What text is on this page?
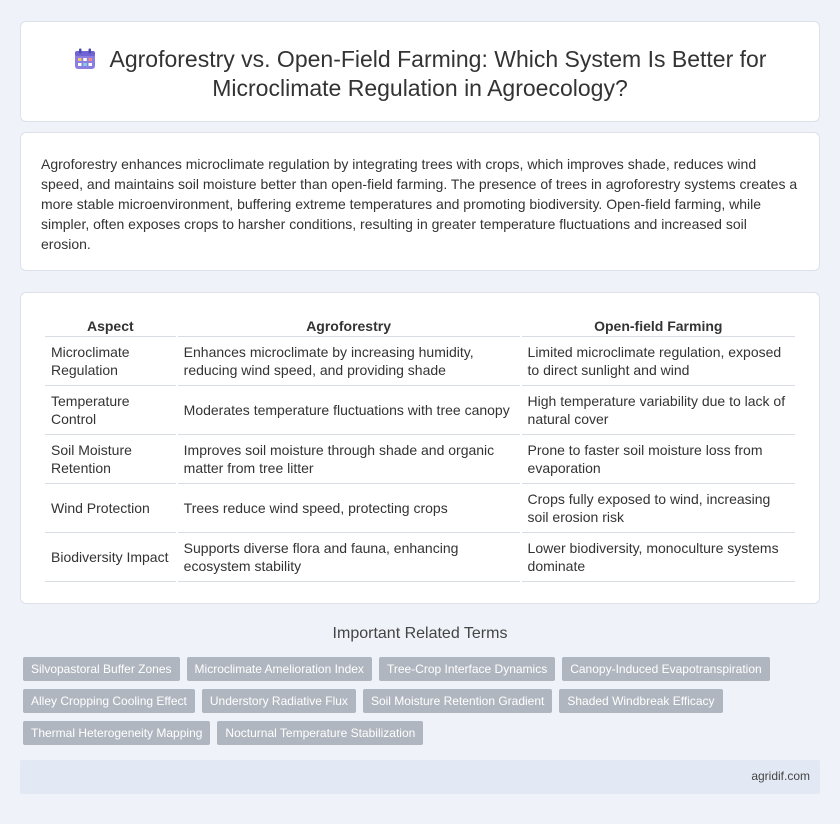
Agroforestry vs. Open-Field Farming: Which System Is Better for
Microclimate Regulation in Agroecology?

Agroforestry enhances microclimate regulation by integrating trees with crops, which improves shade, reduces wind speed, and maintains soil moisture better than open-field farming. The presence of trees in agroforestry systems creates a more stable microenvironment, buffering extreme temperatures and promoting biodiversity. Open-field farming, while simpler, often exposes crops to harsher conditions, resulting in greater temperature fluctuations and increased soil erosion.

Aspect	Agroforestry	Open-field Farming
Microclimate Regulation	Enhances microclimate by increasing humidity, reducing wind speed, and providing shade	Limited microclimate regulation, exposed to direct sunlight and wind
Temperature Control	Moderates temperature fluctuations with tree canopy	High temperature variability due to lack of natural cover
Soil Moisture Retention	Improves soil moisture through shade and organic matter from tree litter	Prone to faster soil moisture loss from evaporation
Wind Protection	Trees reduce wind speed, protecting crops	Crops fully exposed to wind, increasing soil erosion risk
Biodiversity Impact	Supports diverse flora and fauna, enhancing ecosystem stability	Lower biodiversity, monoculture systems dominate
Important Related Terms
Silvopastoral Buffer Zones	Microclimate Amelioration Index	Tree-Crop Interface Dynamics	Canopy-Induced Evapotranspiration
Alley Cropping Cooling Effect	Understory Radiative Flux	Soil Moisture Retention Gradient	Shaded Windbreak Efficacy
Thermal Heterogeneity Mapping	Nocturnal Temperature Stabilization
agridif.com
